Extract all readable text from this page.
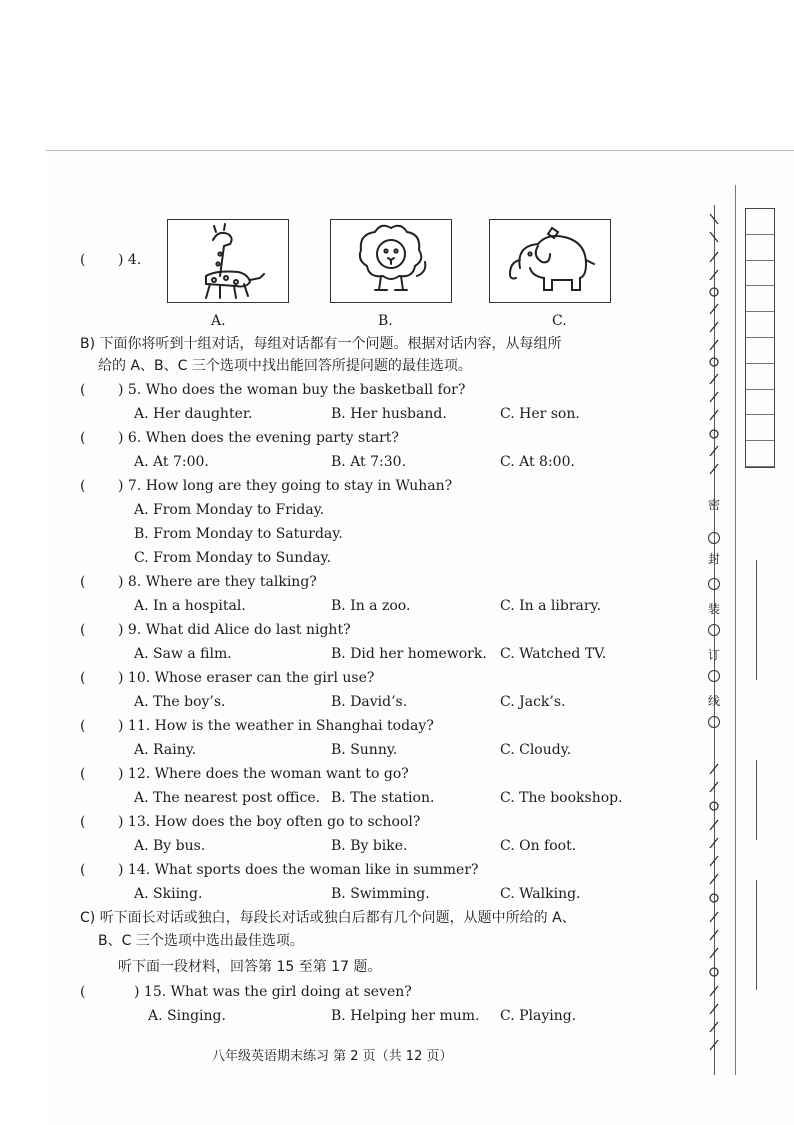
( ) 4.
A.	B.	C.
B) 下面你将听到十组对话，每组对话都有一个问题。根据对话内容，从每组所
给的 A、B、C 三个选项中找出能回答所提问题的最佳选项。
( ) 5. Who does the woman buy the basketball for?
A. Her daughter.	B. Her husband.	C. Her son.
( ) 6. When does the evening party start?
A. At 7:00.	B. At 7:30.	C. At 8:00.
( ) 7. How long are they going to stay in Wuhan?
A. From Monday to Friday.
B. From Monday to Saturday.
C. From Monday to Sunday.
( ) 8. Where are they talking?
A. In a hospital.	B. In a zoo.	C. In a library.
( ) 9. What did Alice do last night?
A. Saw a film.	B. Did her homework. C. Watched TV.
( ) 10. Whose eraser can the girl use?
A. The boy’s.	B. David’s.	C. Jack’s.
( ) 11. How is the weather in Shanghai today?
A. Rainy.	B. Sunny.	C. Cloudy.
( ) 12. Where does the woman want to go?
A. The nearest post office. B. The station.	C. The bookshop.
( ) 13. How does the boy often go to school?
A. By bus.	B. By bike.	C. On foot.
( ) 14. What sports does the woman like in summer?
A. Skiing.	B. Swimming.	C. Walking.
C) 听下面长对话或独白，每段长对话或独白后都有几个问题，从题中所给的 A、
B、C 三个选项中选出最佳选项。
听下面一段材料，回答第 15 至第 17 题。
(	) 15. What was the girl doing at seven?
A. Singing.	B. Helping her mum. C. Playing.
八年级英语期末练习 第 2 页（共 12 页）
密
封
装
订
线
